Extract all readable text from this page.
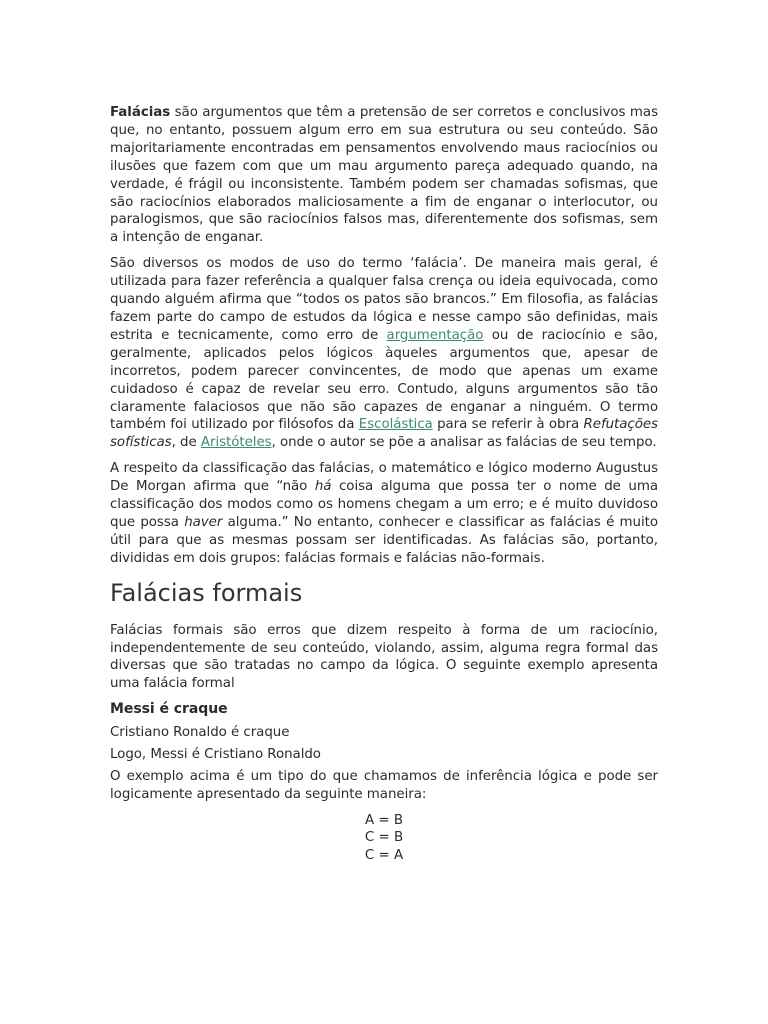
Falácias são argumentos que têm a pretensão de ser corretos e conclusivos mas que, no entanto, possuem algum erro em sua estrutura ou seu conteúdo. São majoritariamente encontradas em pensamentos envolvendo maus raciocínios ou ilusões que fazem com que um mau argumento pareça adequado quando, na verdade, é frágil ou inconsistente. Também podem ser chamadas sofismas, que são raciocínios elaborados maliciosamente a fim de enganar o interlocutor, ou paralogismos, que são raciocínios falsos mas, diferentemente dos sofismas, sem a intenção de enganar.

São diversos os modos de uso do termo ‘falácia’. De maneira mais geral, é utilizada para fazer referência a qualquer falsa crença ou ideia equivocada, como quando alguém afirma que “todos os patos são brancos.” Em filosofia, as falácias fazem parte do campo de estudos da lógica e nesse campo são definidas, mais estrita e tecnicamente, como erro de argumentação ou de raciocínio e são, geralmente, aplicados pelos lógicos àqueles argumentos que, apesar de incorretos, podem parecer convincentes, de modo que apenas um exame cuidadoso é capaz de revelar seu erro. Contudo, alguns argumentos são tão claramente falaciosos que não são capazes de enganar a ninguém. O termo também foi utilizado por filósofos da Escolástica para se referir à obra Refutações sofísticas, de Aristóteles, onde o autor se põe a analisar as falácias de seu tempo.

A respeito da classificação das falácias, o matemático e lógico moderno Augustus De Morgan afirma que “não há coisa alguma que possa ter o nome de uma classificação dos modos como os homens chegam a um erro; e é muito duvidoso que possa haver alguma.” No entanto, conhecer e classificar as falácias é muito útil para que as mesmas possam ser identificadas. As falácias são, portanto, divididas em dois grupos: falácias formais e falácias não-formais.

Falácias formais

Falácias formais são erros que dizem respeito à forma de um raciocínio, independentemente de seu conteúdo, violando, assim, alguma regra formal das diversas que são tratadas no campo da lógica. O seguinte exemplo apresenta uma falácia formal

Messi é craque

Cristiano Ronaldo é craque

Logo, Messi é Cristiano Ronaldo

O exemplo acima é um tipo do que chamamos de inferência lógica e pode ser logicamente apresentado da seguinte maneira:

A = B
C = B
C = A
